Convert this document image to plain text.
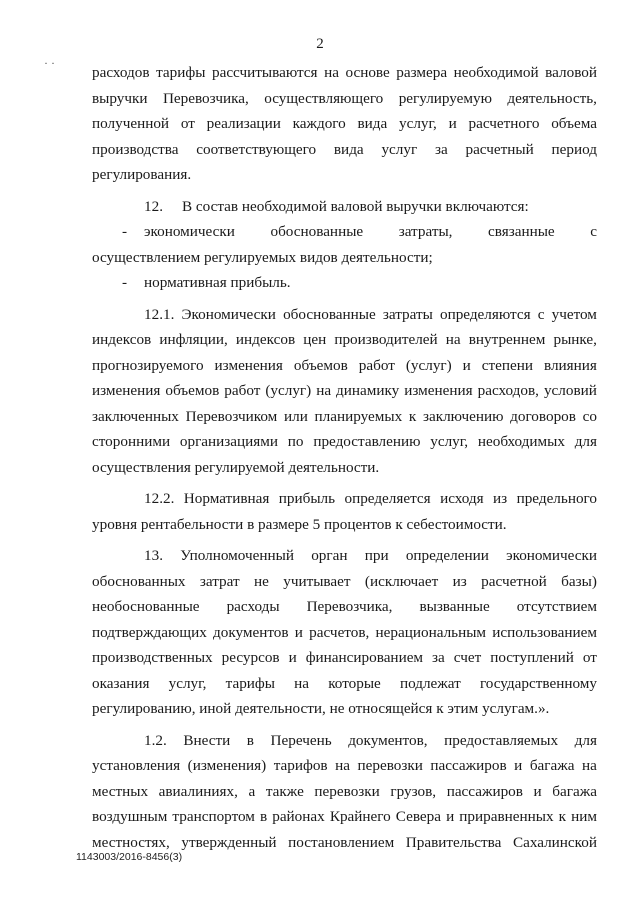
2
· ·
расходов тарифы рассчитываются на основе размера необходимой валовой
выручки Перевозчика, осуществляющего регулируемую деятельность,
полученной от реализации каждого вида услуг, и расчетного объема
производства соответствующего вида услуг за расчетный период
регулирования.
12.     В состав необходимой валовой выручки включаются:
-	экономически обоснованные затраты, связанные с
осуществлением регулируемых видов деятельности;
-	нормативная прибыль.
12.1. Экономически обоснованные затраты определяются с учетом
индексов инфляции, индексов цен производителей на внутреннем рынке,
прогнозируемого изменения объемов работ (услуг) и степени влияния
изменения объемов работ (услуг) на динамику изменения расходов, условий
заключенных Перевозчиком или планируемых к заключению договоров со
сторонними организациями по предоставлению услуг, необходимых для
осуществления регулируемой деятельности.
12.2. Нормативная прибыль определяется исходя из предельного
уровня рентабельности в размере 5 процентов к себестоимости.
13. Уполномоченный орган при определении экономически
обоснованных затрат не учитывает (исключает из расчетной базы)
необоснованные расходы Перевозчика, вызванные отсутствием
подтверждающих документов и расчетов, нерациональным использованием
производственных ресурсов и финансированием за счет поступлений от
оказания услуг, тарифы на которые подлежат государственному
регулированию, иной деятельности, не относящейся к этим услугам.».
1.2. Внести в Перечень документов, предоставляемых для
установления (изменения) тарифов на перевозки пассажиров и багажа на
местных авиалиниях, а также перевозки грузов, пассажиров и багажа
воздушным транспортом в районах Крайнего Севера и приравненных к ним
местностях, утвержденный постановлением Правительства Сахалинской
1143003/2016-8456(3)
